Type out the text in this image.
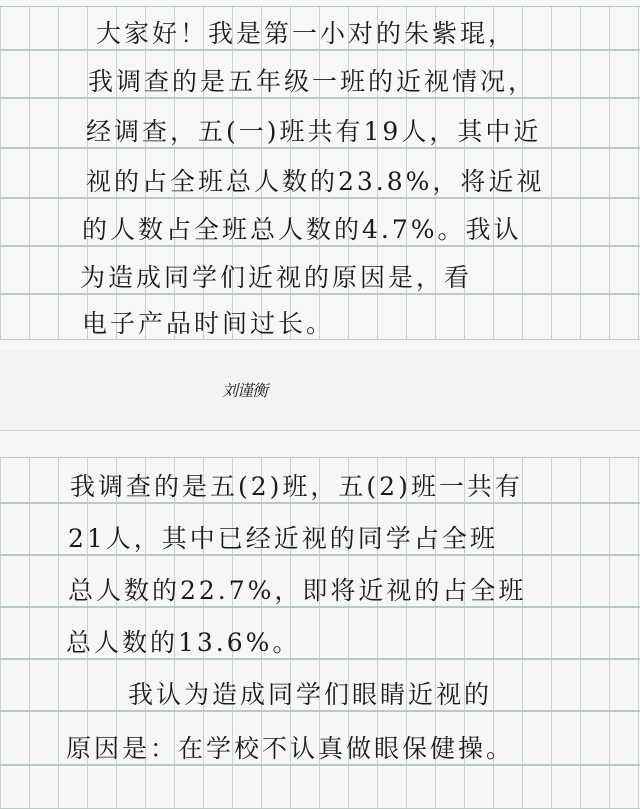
大家好！我是第一小对的朱紫琨，
我调查的是五年级一班的近视情况，
经调查，五(一)班共有19人，其中近
视的占全班总人数的23.8%，将近视
的人数占全班总人数的4.7%。我认
为造成同学们近视的原因是，看
电子产品时间过长。
刘谨衡
我调查的是五(2)班，五(2)班一共有
21人，其中已经近视的同学占全班
总人数的22.7%，即将近视的占全班
总人数的13.6%。
我认为造成同学们眼睛近视的
原因是：在学校不认真做眼保健操。
